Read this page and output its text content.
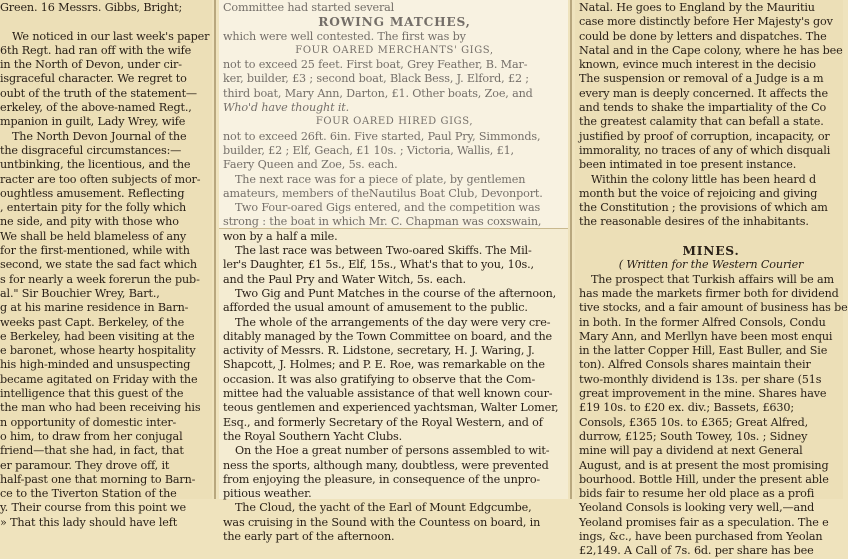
Green. 16 Messrs. Gibbs, Bright;

We noticed in our last week's paper
6th Regt. had ran off with the wife
in the North of Devon, under cir-
isgraceful character. We regret to
oubt of the truth of the statement—
erkeley, of the above-named Regt.,
mpanion in guilt, Lady Wrey, wife
The North Devon Journal of the
the disgraceful circumstances:—
untbinking, the licentious, and the
racter are too often subjects of mor-
oughtless amusement. Reflecting
, entertain pity for the folly which
ne side, and pity with those who
We shall be held blameless of any
for the first-mentioned, while with
second, we state the sad fact which
s for nearly a week forerun the pub-
al." Sir Bouchier Wrey, Bart.,
g at his marine residence in Barn-
weeks past Capt. Berkeley, of the
e Berkeley, had been visiting at the
e baronet, whose hearty hospitality
his high-minded and unsuspecting
became agitated on Friday with the
intelligence that this guest of the
the man who had been receiving his
n opportunity of domestic inter-
o him, to draw from her conjugal
friend—that she had, in fact, that
er paramour. They drove off, it
half-past one that morning to Barn-
ce to the Tiverton Station of the
y. Their course from this point we
» That this lady should have left
Committee had started several
ROWING MATCHES,
which were well contested. The first was by
FOUR OARED MERCHANTS' GIGS,
not to exceed 25 feet. First boat, Grey Feather, B. Mar-
ker, builder, £3 ; second boat, Black Bess, J. Elford, £2 ;
third boat, Mary Ann, Darton, £1. Other boats, Zoe, and
Who'd have thought it.
FOUR OARED HIRED GIGS,
not to exceed 26ft. 6in. Five started, Paul Pry, Simmonds,
builder, £2 ; Elf, Geach, £1 10s. ; Victoria, Wallis, £1,
Faery Queen and Zoe, 5s. each.
The next race was for a piece of plate, by gentlemen
amateurs, members of theNautilus Boat Club, Devonport.
Two Four-oared Gigs entered, and the competition was
strong : the boat in which Mr. C. Chapman was coxswain,
won by a half a mile.
The last race was between Two-oared Skiffs. The Mil-
ler's Daughter, £1 5s., Elf, 15s., What's that to you, 10s.,
and the Paul Pry and Water Witch, 5s. each.
Two Gig and Punt Matches in the course of the afternoon,
afforded the usual amount of amusement to the public.
The whole of the arrangements of the day were very cre-
ditably managed by the Town Committee on board, and the
activity of Messrs. R. Lidstone, secretary, H. J. Waring, J.
Shapcott, J. Holmes; and P. E. Roe, was remarkable on the
occasion. It was also gratifying to observe that the Com-
mittee had the valuable assistance of that well known cour-
teous gentlemen and experienced yachtsman, Walter Lomer,
Esq., and formerly Secretary of the Royal Western, and of
the Royal Southern Yacht Clubs.
On the Hoe a great number of persons assembled to wit-
ness the sports, although many, doubtless, were prevented
from enjoying the pleasure, in consequence of the unpro-
pitious weather.
The Cloud, the yacht of the Earl of Mount Edgcumbe,
was cruising in the Sound with the Countess on board, in
the early part of the afternoon.
Natal. He goes to England by the Mauritiu
case more distinctly before Her Majesty's gov
could be done by letters and dispatches. The
Natal and in the Cape colony, where he has bee
known, evince much interest in the decisio
The suspension or removal of a Judge is a m
every man is deeply concerned. It affects the
and tends to shake the impartiality of the Co
the greatest calamity that can befall a state.
justified by proof of corruption, incapacity, or
immorality, no traces of any of which disquali
been intimated in toe present instance.
Within the colony little has been heard d
month but the voice of rejoicing and giving
the Constitution ; the provisions of which am
the reasonable desires of the inhabitants.

MINES.
( Written for the Western Courier
The prospect that Turkish affairs will be am
has made the markets firmer both for dividend
tive stocks, and a fair amount of business has be
in both. In the former Alfred Consols, Condu
Mary Ann, and Merllyn have been most enqui
in the latter Copper Hill, East Buller, and Sie
ton). Alfred Consols shares maintain their
two-monthly dividend is 13s. per share (51s
great improvement in the mine. Shares have
£19 10s. to £20 ex. div.; Bassets, £630;
Consols, £365 10s. to £365; Great Alfred,
durrow, £125; South Towey, 10s. ; Sidney
mine will pay a dividend at next General
August, and is at present the most promising
bourhood. Bottle Hill, under the present able
bids fair to resume her old place as a profi
Yeoland Consols is looking very well,—and
Yeoland promises fair as a speculation. The e
ings, &c., have been purchased from Yeolan
£2,149. A Call of 7s. 6d. per share has bee
